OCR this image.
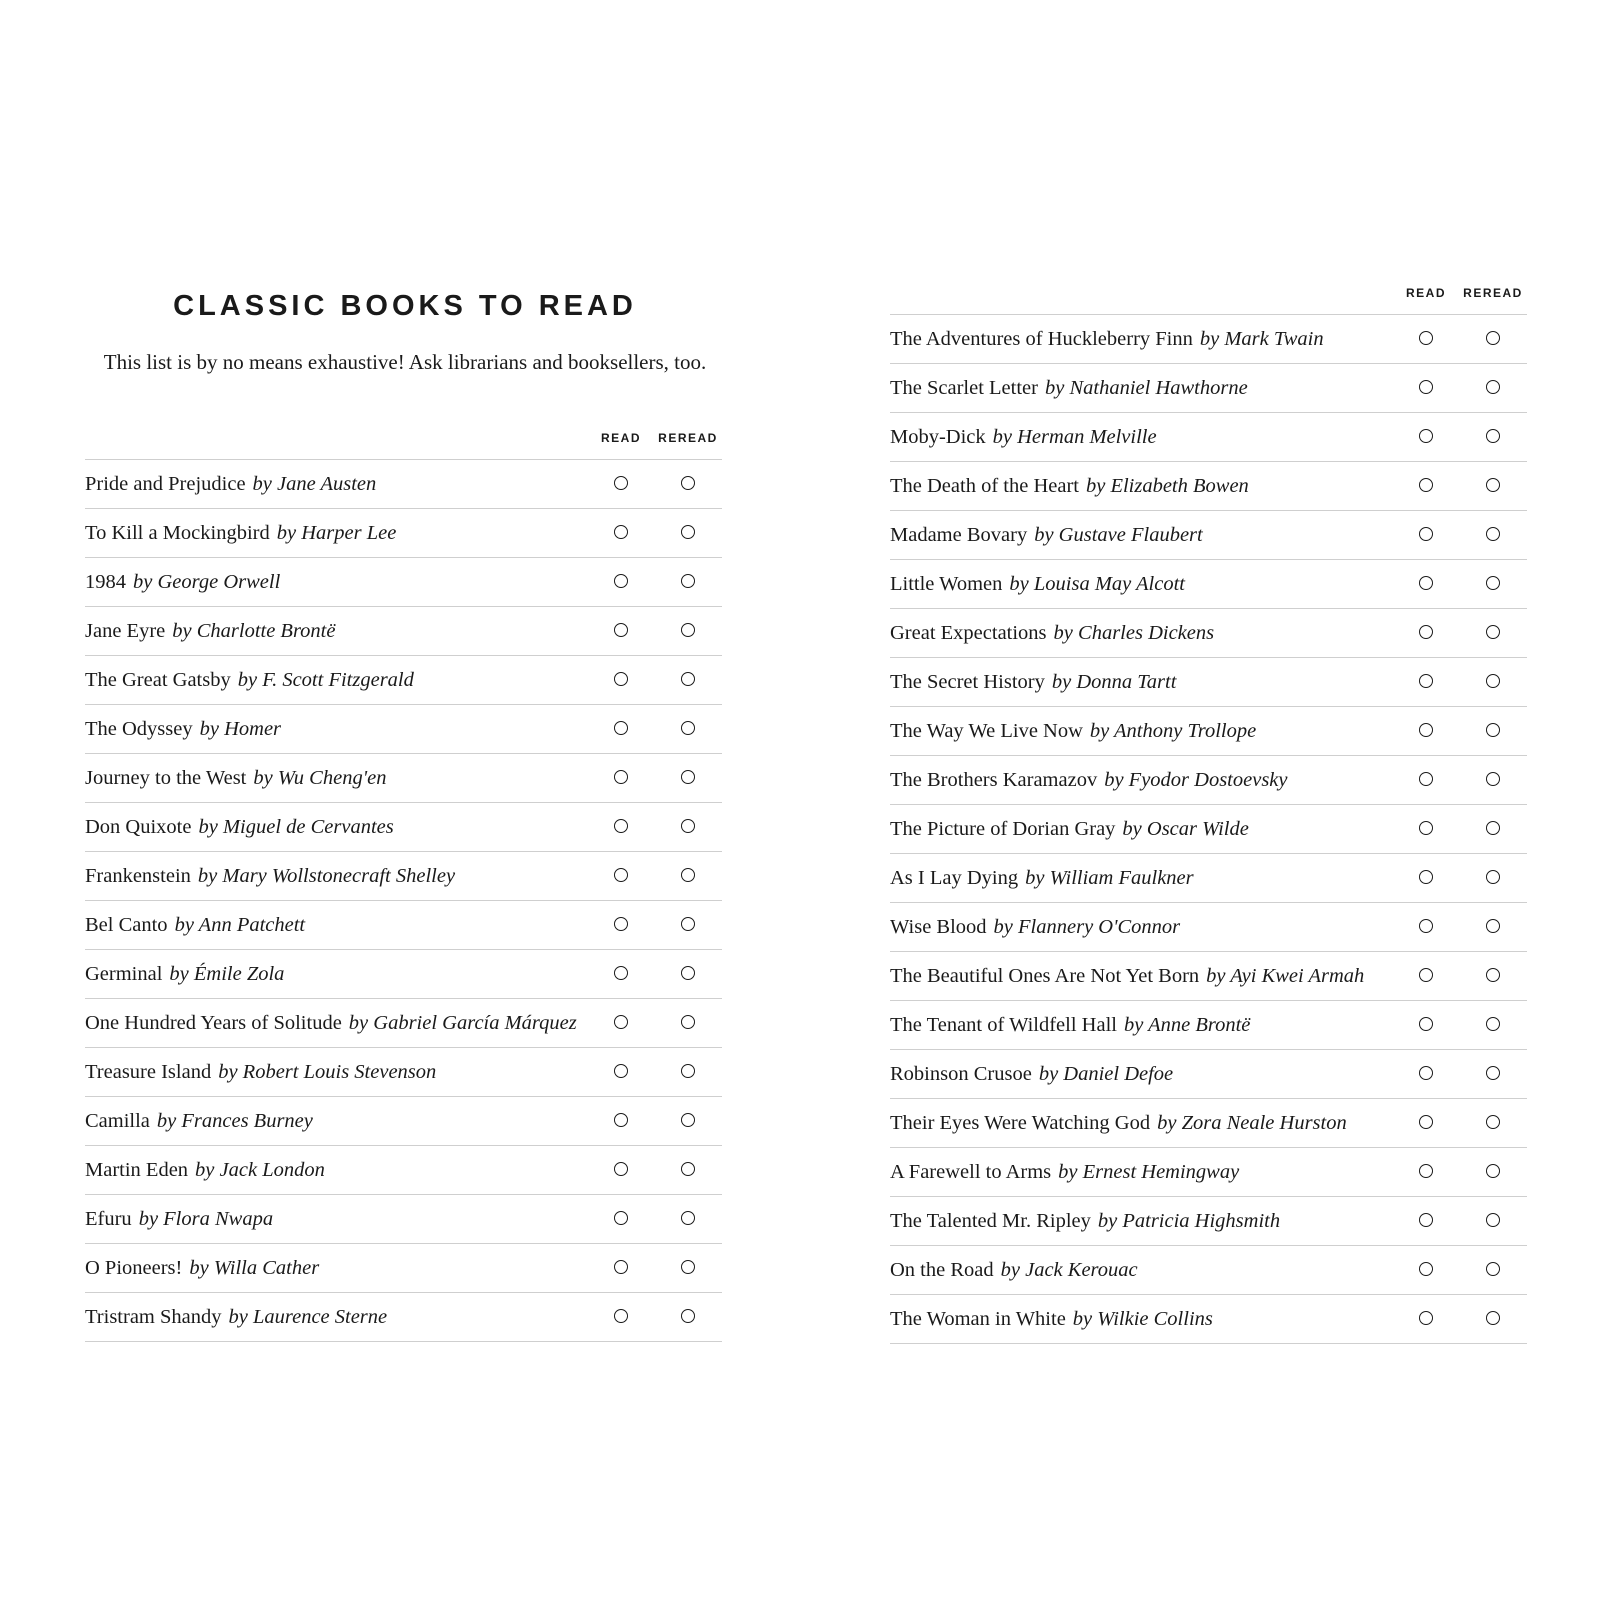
CLASSIC BOOKS TO READ

This list is by no means exhaustive! Ask librarians and booksellers, too.

READ	REREAD
Pride and Prejudice by Jane Austen
To Kill a Mockingbird by Harper Lee
1984 by George Orwell
Jane Eyre by Charlotte Brontë
The Great Gatsby by F. Scott Fitzgerald
The Odyssey by Homer
Journey to the West by Wu Cheng'en
Don Quixote by Miguel de Cervantes
Frankenstein by Mary Wollstonecraft Shelley
Bel Canto by Ann Patchett
Germinal by Émile Zola
One Hundred Years of Solitude by Gabriel García Márquez
Treasure Island by Robert Louis Stevenson
Camilla by Frances Burney
Martin Eden by Jack London
Efuru by Flora Nwapa
O Pioneers! by Willa Cather
Tristram Shandy by Laurence Sterne
READ	REREAD
The Adventures of Huckleberry Finn by Mark Twain
The Scarlet Letter by Nathaniel Hawthorne
Moby-Dick by Herman Melville
The Death of the Heart by Elizabeth Bowen
Madame Bovary by Gustave Flaubert
Little Women by Louisa May Alcott
Great Expectations by Charles Dickens
The Secret History by Donna Tartt
The Way We Live Now by Anthony Trollope
The Brothers Karamazov by Fyodor Dostoevsky
The Picture of Dorian Gray by Oscar Wilde
As I Lay Dying by William Faulkner
Wise Blood by Flannery O'Connor
The Beautiful Ones Are Not Yet Born by Ayi Kwei Armah
The Tenant of Wildfell Hall by Anne Brontë
Robinson Crusoe by Daniel Defoe
Their Eyes Were Watching God by Zora Neale Hurston
A Farewell to Arms by Ernest Hemingway
The Talented Mr. Ripley by Patricia Highsmith
On the Road by Jack Kerouac
The Woman in White by Wilkie Collins
